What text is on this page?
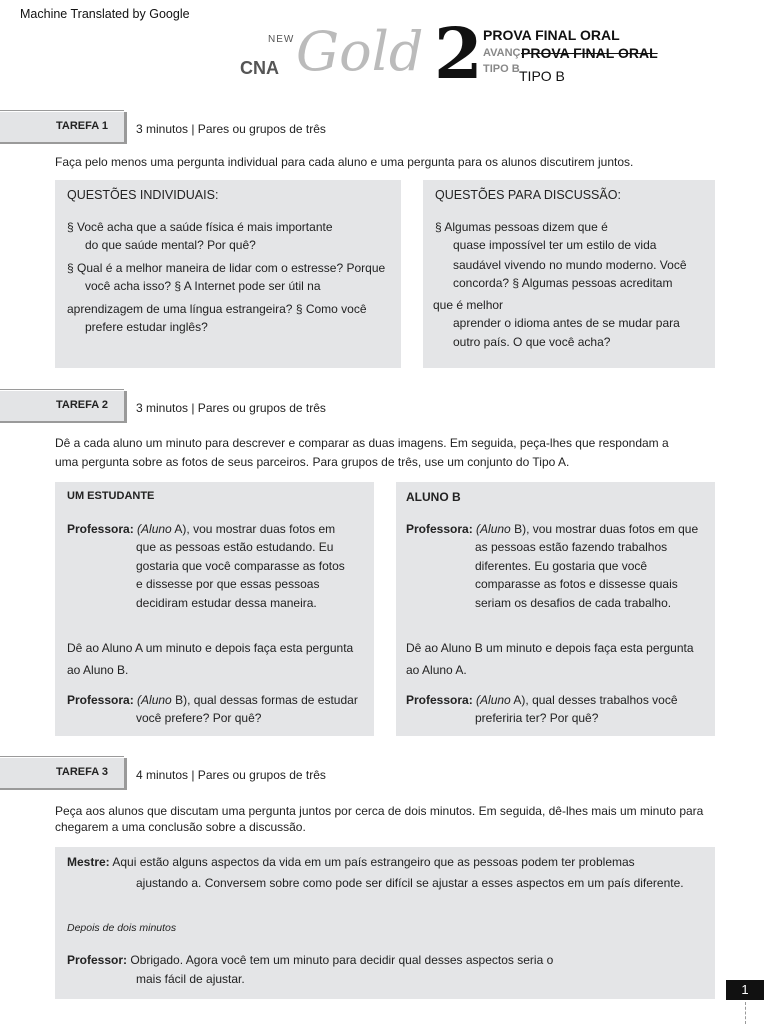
Machine Translated by Google
NEW
CNA Gold 2 PROVA FINAL ORAL
AVANÇ PROVA FINAL ORAL
TIPO B TIPO B
TAREFA 1 3 minutos | Pares ou grupos de três
Faça pelo menos uma pergunta individual para cada aluno e uma pergunta para os alunos discutirem juntos.
QUESTÕES INDIVIDUAIS:
§ Você acha que a saúde física é mais importante
do que saúde mental? Por quê?
§ Qual é a melhor maneira de lidar com o estresse? Porque
você acha isso? § A Internet pode ser útil na
aprendizagem de uma língua estrangeira? § Como você
prefere estudar inglês?
QUESTÕES PARA DISCUSSÃO:
§ Algumas pessoas dizem que é
quase impossível ter um estilo de vida
saudável vivendo no mundo moderno. Você
concorda? § Algumas pessoas acreditam
que é melhor
aprender o idioma antes de se mudar para
outro país. O que você acha?
TAREFA 2 3 minutos | Pares ou grupos de três
Dê a cada aluno um minuto para descrever e comparar as duas imagens. Em seguida, peça-lhes que respondam a
uma pergunta sobre as fotos de seus parceiros. Para grupos de três, use um conjunto do Tipo A.
UM ESTUDANTE
Professora: (Aluno A), vou mostrar duas fotos em
que as pessoas estão estudando. Eu
gostaria que você comparasse as fotos
e dissesse por que essas pessoas
decidiram estudar dessa maneira.
Dê ao Aluno A um minuto e depois faça esta pergunta
ao Aluno B.
Professora: (Aluno B), qual dessas formas de estudar
você prefere? Por quê?
ALUNO B
Professora: (Aluno B), vou mostrar duas fotos em que
as pessoas estão fazendo trabalhos
diferentes. Eu gostaria que você
comparasse as fotos e dissesse quais
seriam os desafios de cada trabalho.
Dê ao Aluno B um minuto e depois faça esta pergunta
ao Aluno A.
Professora: (Aluno A), qual desses trabalhos você
preferiria ter? Por quê?
TAREFA 3 4 minutos | Pares ou grupos de três
Peça aos alunos que discutam uma pergunta juntos por cerca de dois minutos. Em seguida, dê-lhes mais um minuto para
chegarem a uma conclusão sobre a discussão.
Mestre: Aqui estão alguns aspectos da vida em um país estrangeiro que as pessoas podem ter problemas
ajustando a. Conversem sobre como pode ser difícil se ajustar a esses aspectos em um país diferente.
Depois de dois minutos
Professor: Obrigado. Agora você tem um minuto para decidir qual desses aspectos seria o
mais fácil de ajustar.
1
